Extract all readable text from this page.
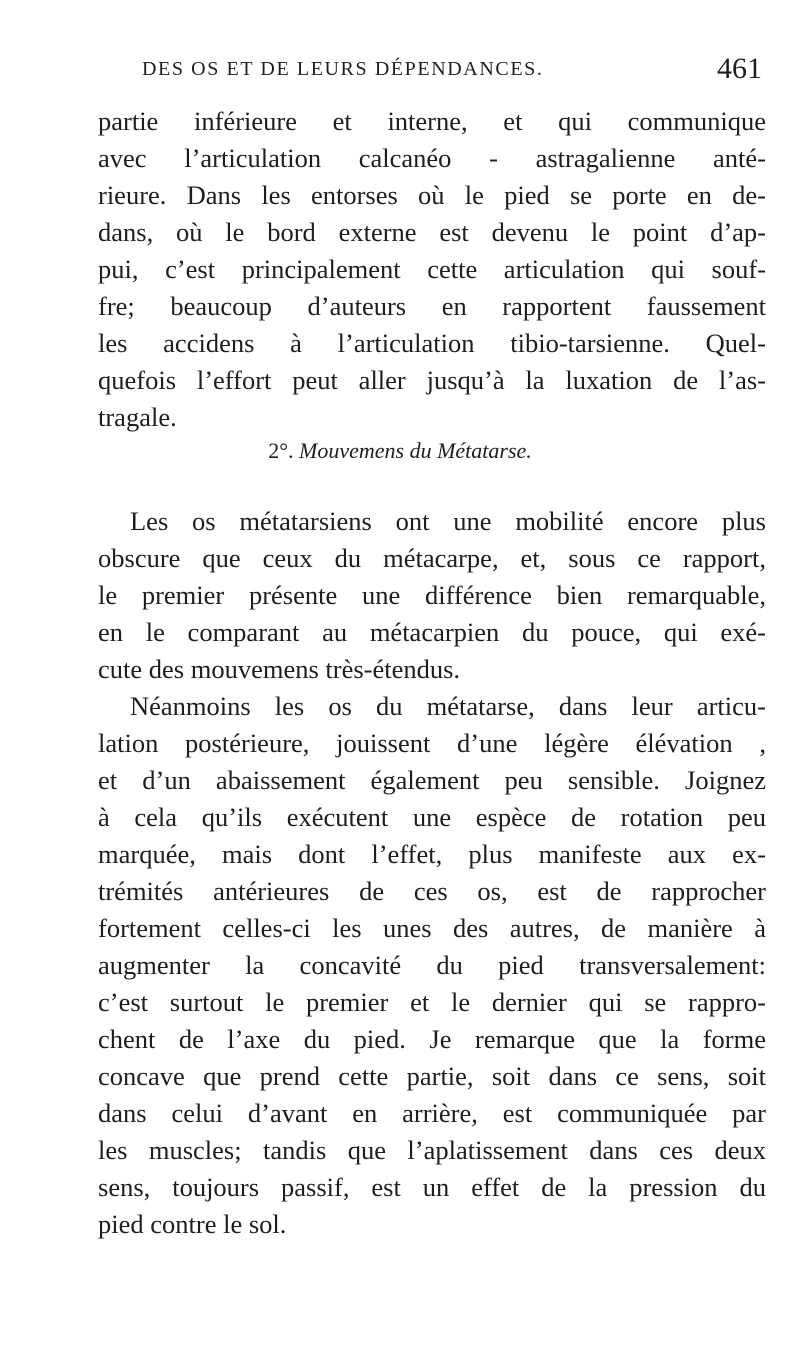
DES OS ET DE LEURS DÉPENDANCES.	461
partie inférieure et interne, et qui communique
avec l’articulation calcanéo - astragalienne anté-
rieure. Dans les entorses où le pied se porte en de-
dans, où le bord externe est devenu le point d’ap-
pui, c’est principalement cette articulation qui souf-
fre; beaucoup d’auteurs en rapportent faussement
les accidens à l’articulation tibio-tarsienne. Quel-
quefois l’effort peut aller jusqu’à la luxation de l’as-
tragale.
2°. Mouvemens du Métatarse.
Les os métatarsiens ont une mobilité encore plus
obscure que ceux du métacarpe, et, sous ce rapport,
le premier présente une différence bien remarquable,
en le comparant au métacarpien du pouce, qui exé-
cute des mouvemens très-étendus.
Néanmoins les os du métatarse, dans leur articu-
lation postérieure, jouissent d’une légère élévation ,
et d’un abaissement également peu sensible. Joignez
à cela qu’ils exécutent une espèce de rotation peu
marquée, mais dont l’effet, plus manifeste aux ex-
trémités antérieures de ces os, est de rapprocher
fortement celles-ci les unes des autres, de manière à
augmenter la concavité du pied transversalement:
c’est surtout le premier et le dernier qui se rappro-
chent de l’axe du pied. Je remarque que la forme
concave que prend cette partie, soit dans ce sens, soit
dans celui d’avant en arrière, est communiquée par
les muscles; tandis que l’aplatissement dans ces deux
sens, toujours passif, est un effet de la pression du
pied contre le sol.
